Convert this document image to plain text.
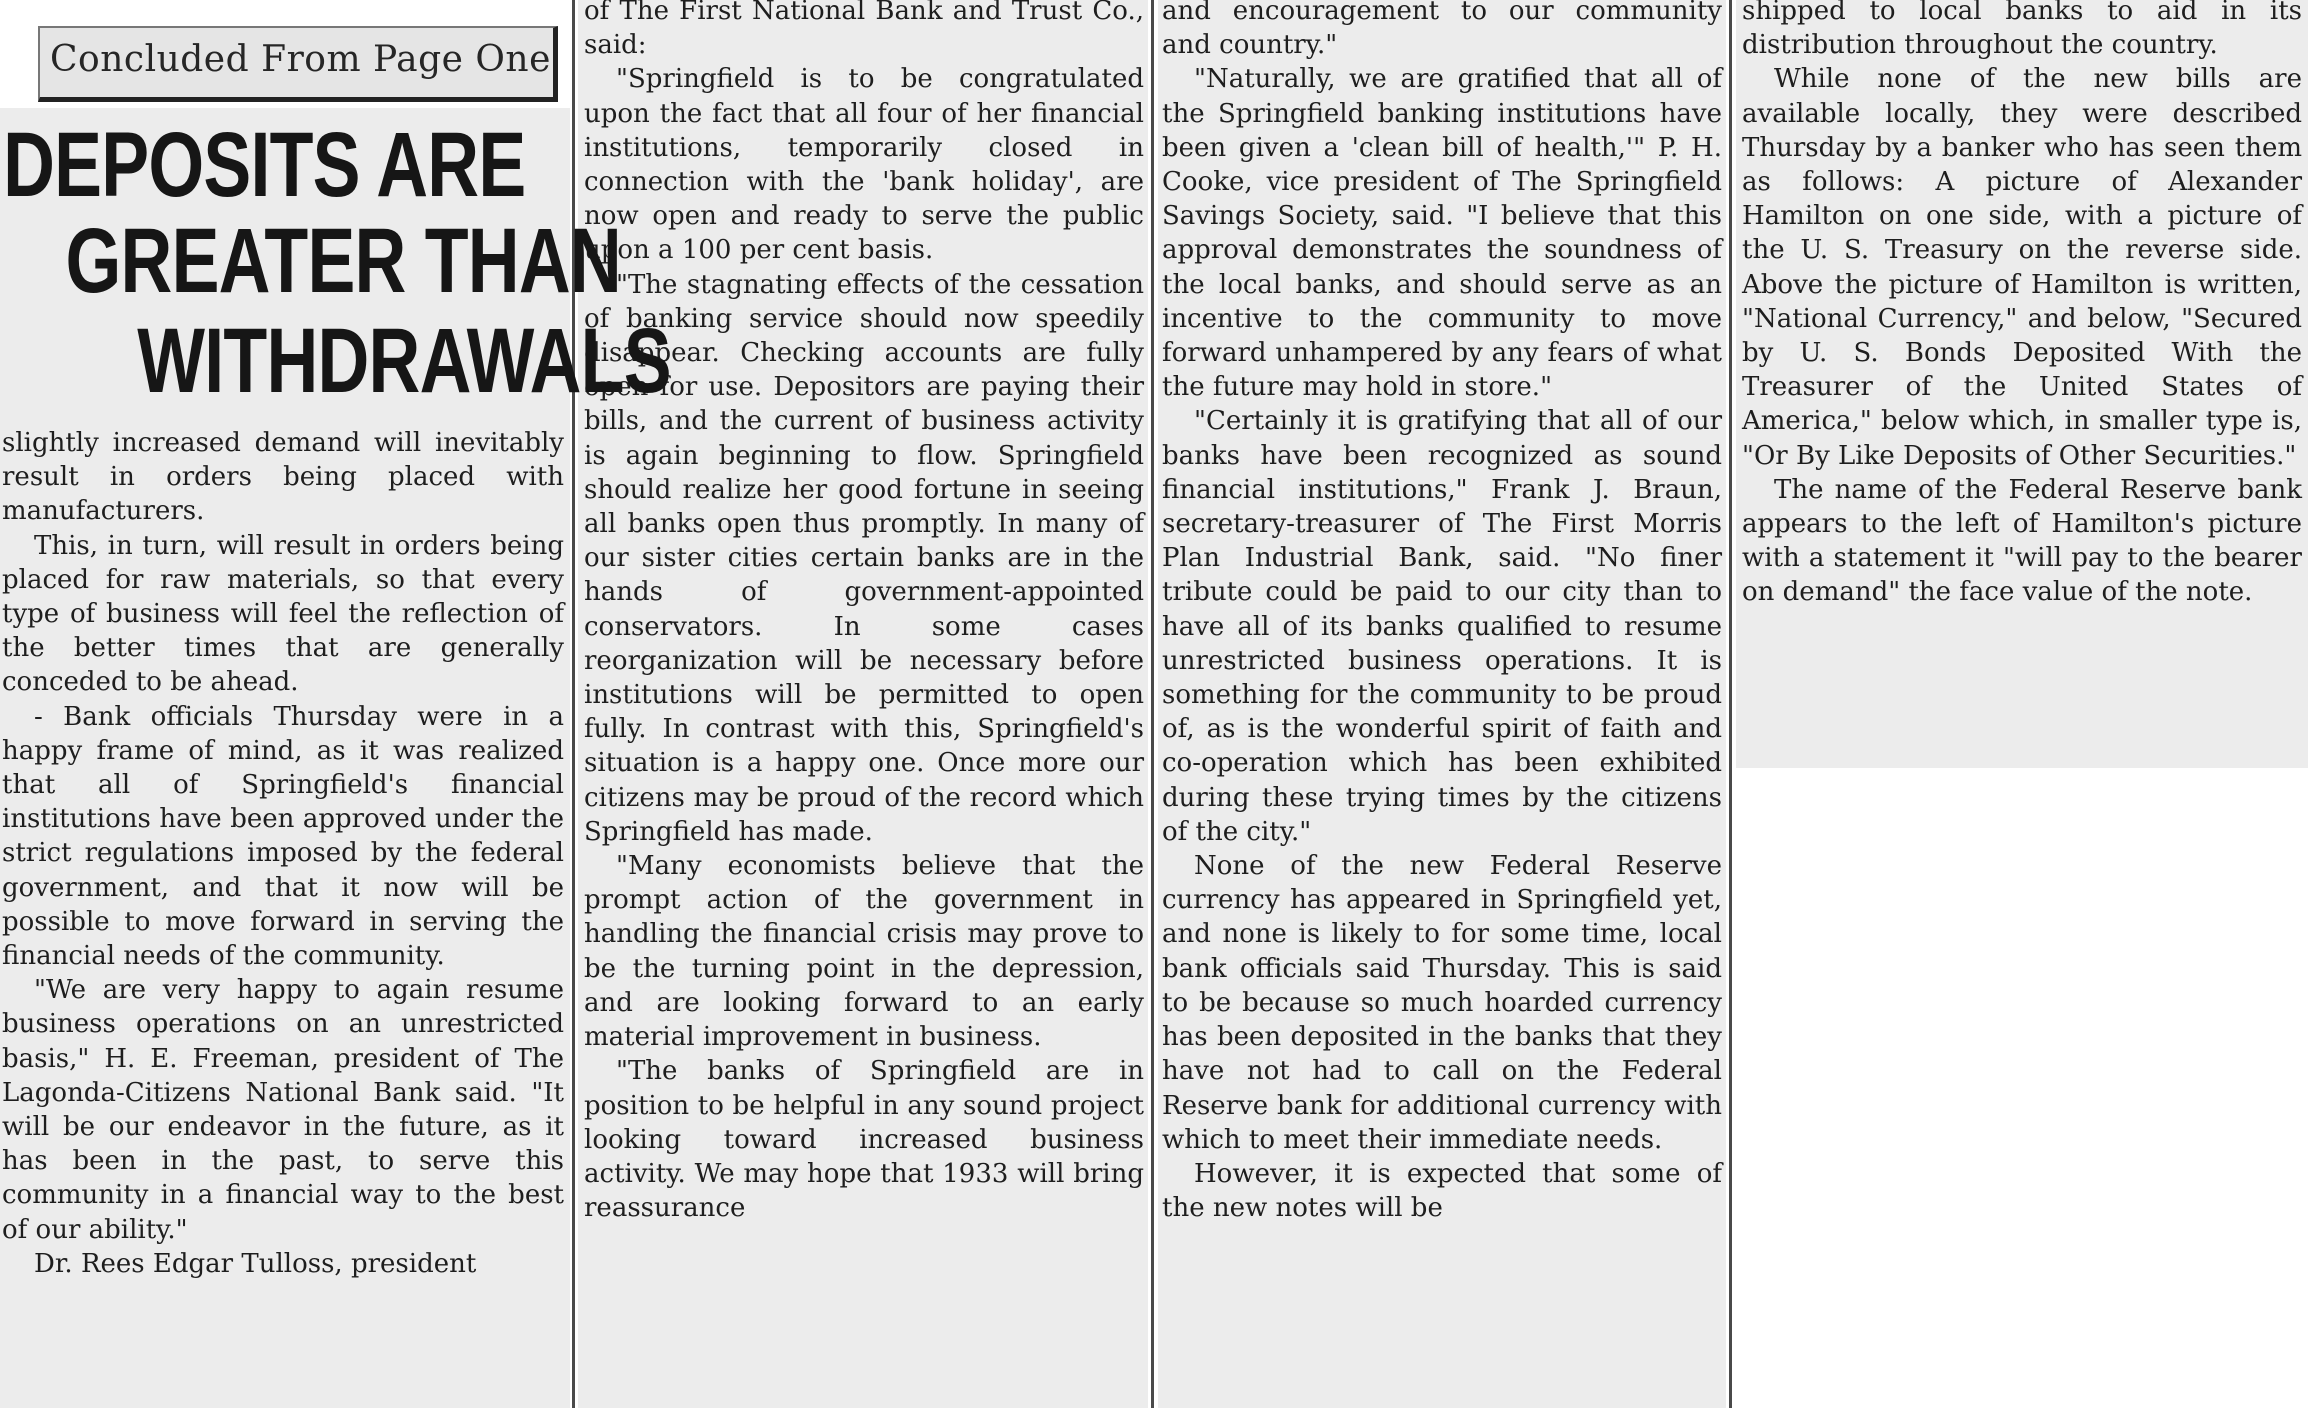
Concluded From Page One
DEPOSITS ARE
GREATER THAN
WITHDRAWALS

slightly increased demand will inevitably result in orders being placed with manufacturers.

This, in turn, will result in orders being placed for raw materials, so that every type of business will feel the reflection of the better times that are generally conceded to be ahead.

- Bank officials Thursday were in a happy frame of mind, as it was realized that all of Springfield's financial institutions have been approved under the strict regulations imposed by the federal government, and that it now will be possible to move forward in serving the financial needs of the community.

"We are very happy to again resume business operations on an unrestricted basis," H. E. Freeman, president of The Lagonda-Citizens National Bank said. "It will be our endeavor in the future, as it has been in the past, to serve this community in a financial way to the best of our ability."

Dr. Rees Edgar Tulloss, president

of The First National Bank and Trust Co., said:

"Springfield is to be congratulated upon the fact that all four of her financial institutions, temporarily closed in connection with the 'bank holiday', are now open and ready to serve the public upon a 100 per cent basis.

"The stagnating effects of the cessation of banking service should now speedily disappear. Checking accounts are fully open for use. Depositors are paying their bills, and the current of business activity is again beginning to flow. Springfield should realize her good fortune in seeing all banks open thus promptly. In many of our sister cities certain banks are in the hands of government-appointed conservators. In some cases reorganization will be necessary before institutions will be permitted to open fully. In contrast with this, Springfield's situation is a happy one. Once more our citizens may be proud of the record which Springfield has made.

"Many economists believe that the prompt action of the government in handling the financial crisis may prove to be the turning point in the depression, and are looking forward to an early material improvement in business.

"The banks of Springfield are in position to be helpful in any sound project looking toward increased business activity. We may hope that 1933 will bring reassurance

and encouragement to our community and country."

"Naturally, we are gratified that all of the Springfield banking institutions have been given a 'clean bill of health,'" P. H. Cooke, vice president of The Springfield Savings Society, said. "I believe that this approval demonstrates the soundness of the local banks, and should serve as an incentive to the community to move forward unhampered by any fears of what the future may hold in store."

"Certainly it is gratifying that all of our banks have been recognized as sound financial institutions," Frank J. Braun, secretary-treasurer of The First Morris Plan Industrial Bank, said. "No finer tribute could be paid to our city than to have all of its banks qualified to resume unrestricted business operations. It is something for the community to be proud of, as is the wonderful spirit of faith and co-operation which has been exhibited during these trying times by the citizens of the city."

None of the new Federal Reserve currency has appeared in Springfield yet, and none is likely to for some time, local bank officials said Thursday. This is said to be because so much hoarded currency has been deposited in the banks that they have not had to call on the Federal Reserve bank for additional currency with which to meet their immediate needs.

However, it is expected that some of the new notes will be

shipped to local banks to aid in its distribution throughout the country.

While none of the new bills are available locally, they were described Thursday by a banker who has seen them as follows: A picture of Alexander Hamilton on one side, with a picture of the U. S. Treasury on the reverse side. Above the picture of Hamilton is written, "National Currency," and below, "Secured by U. S. Bonds Deposited With the Treasurer of the United States of America," below which, in smaller type is, "Or By Like Deposits of Other Securities."

The name of the Federal Reserve bank appears to the left of Hamilton's picture with a statement it "will pay to the bearer on demand" the face value of the note.
